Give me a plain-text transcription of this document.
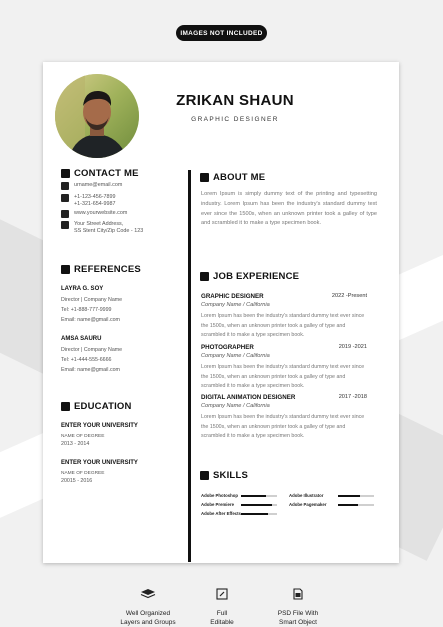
IMAGES NOT INCLUDED
ZRIKAN SHAUN
GRAPHIC DESIGNER
CONTACT ME
urname@email.com
+1-123-456-7899
+1-321-654-9987
www.yourwebsite.com
Your Street Address,
SS Stent City/Zip Code - 123
REFERENCES
LAYRA G. SOY
Director | Company Name
Tel: +1-888-777-9999
Email: name@gmail.com
AMSA SAURU
Director | Company Name
Tel: +1-444-555-6666
Email: name@gmail.com
EDUCATION
ENTER YOUR UNIVERSITY
NAME OF DEGREE
2013 - 2014
ENTER YOUR UNIVERSITY
NAME OF DEGREE
20015 - 2016
ABOUT ME
Lorem Ipsum is simply dummy text of the printing and typesetting industry. Lorem Ipsum has been the industry's standard dummy text ever since the 1500s, when an unknown printer took a galley of type and scrambled it to make a type specimen book.
JOB EXPERIENCE
GRAPHIC DESIGNER	2022 -Present
Company Name / California
Lorem Ipsum has been the industry's standard dummy text ever since the 1500s, when an unknown printer took a galley of type and scrambled it to make a type specimen book.
PHOTOGRAPHER	2019 -2021
Company Name / California
Lorem Ipsum has been the industry's standard dummy text ever since the 1500s, when an unknown printer took a galley of type and scrambled it to make a type specimen book.
DIGITAL ANIMATION DESIGNER	2017 -2018
Company Name / California
Lorem Ipsum has been the industry's standard dummy text ever since the 1500s, when an unknown printer took a galley of type and scrambled it to make a type specimen book.
SKILLS
Adobe Photoshop	Adobe Illustrator
Adobe Premiere	Adobe Pagemaker
Adobe After Effects

Well Organized
Layers and Groups

Full
Editable

PSD File With
Smart Object
